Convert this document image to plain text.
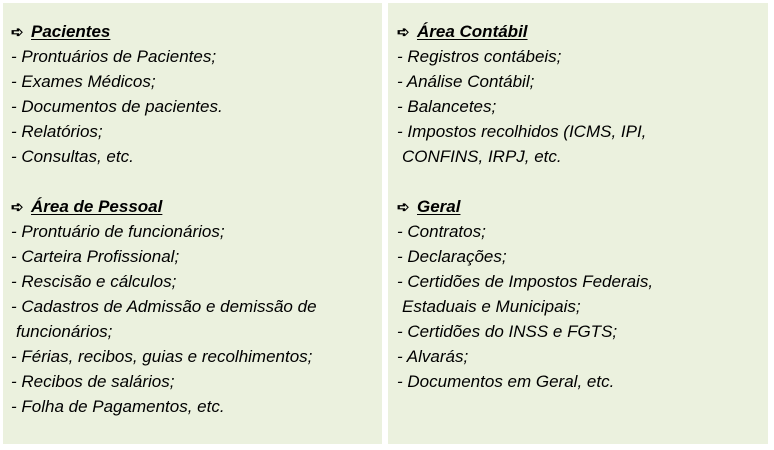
➪ Pacientes
- Prontuários de Pacientes;
- Exames Médicos;
- Documentos de pacientes.
- Relatórios;
- Consultas, etc.
➪ Área de Pessoal
- Prontuário de funcionários;
- Carteira Profissional;
- Rescisão e cálculos;
- Cadastros de Admissão e demissão de
funcionários;
- Férias, recibos, guias e recolhimentos;
- Recibos de salários;
- Folha de Pagamentos, etc.
➪ Área Contábil
- Registros contábeis;
- Análise Contábil;
- Balancetes;
- Impostos recolhidos (ICMS, IPI,
CONFINS, IRPJ, etc.
➪ Geral
- Contratos;
- Declarações;
- Certidões de Impostos Federais,
Estaduais e Municipais;
- Certidões do INSS e FGTS;
- Alvarás;
- Documentos em Geral, etc.
